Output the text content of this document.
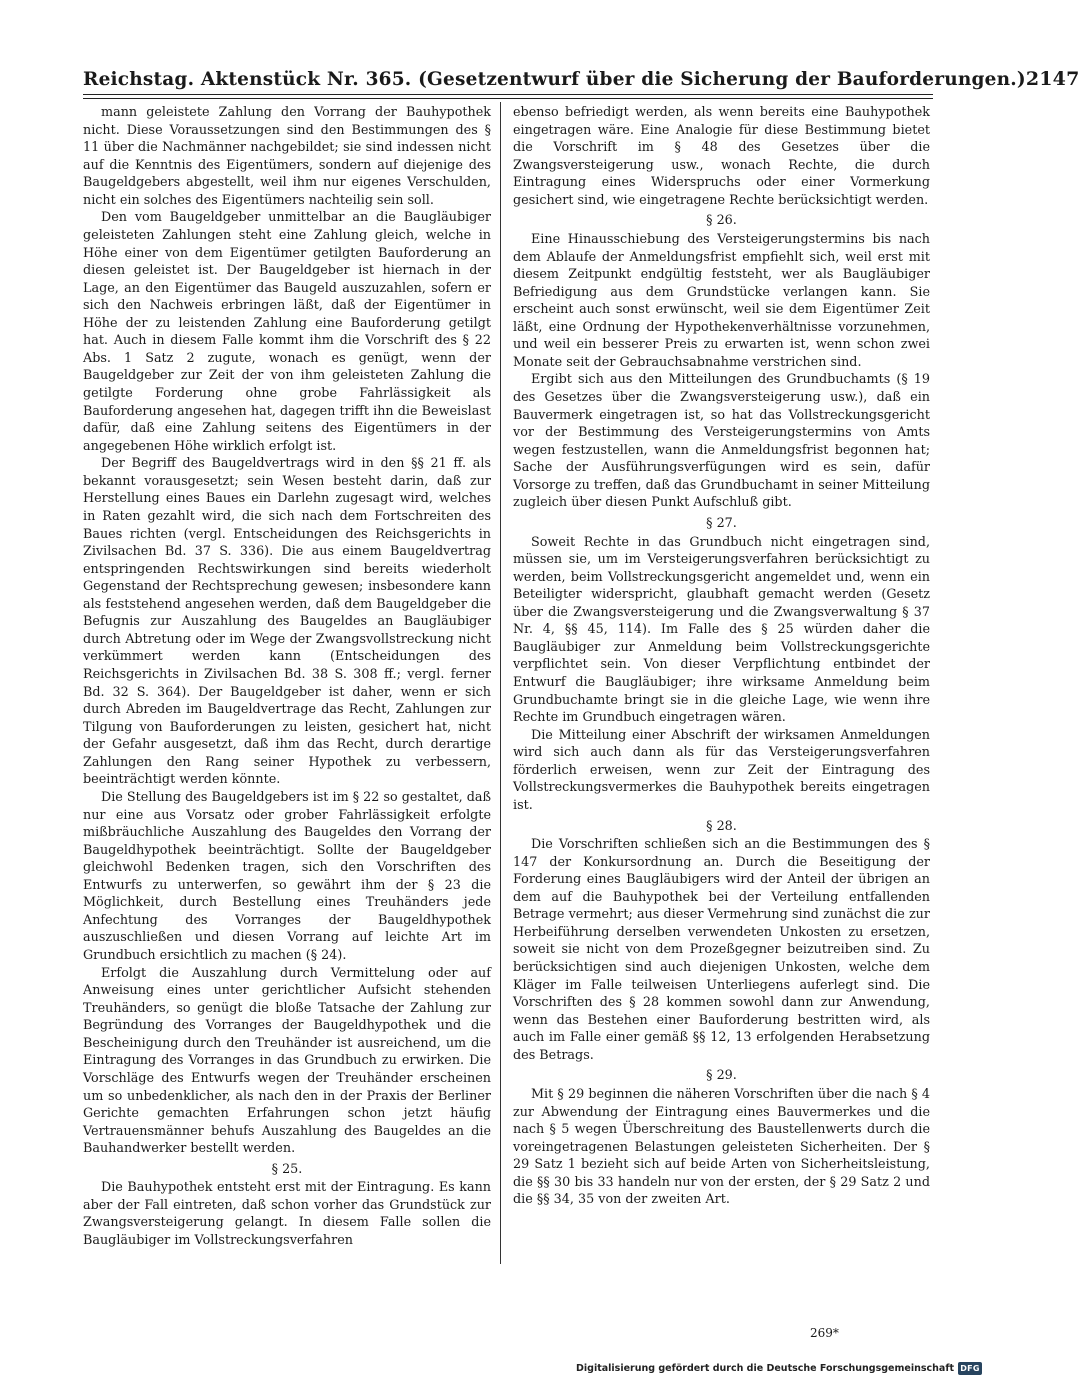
Reichstag. Aktenstück Nr. 365. (Gesetzentwurf über die Sicherung der Bauforderungen.) 2147

mann geleistete Zahlung den Vorrang der Bauhypothek nicht. Diese Voraussetzungen sind den Bestimmungen des § 11 über die Nachmänner nachgebildet; sie sind indessen nicht auf die Kenntnis des Eigentümers, sondern auf diejenige des Baugeldgebers abgestellt, weil ihm nur eigenes Verschulden, nicht ein solches des Eigentümers nachteilig sein soll.

Den vom Baugeldgeber unmittelbar an die Baugläubiger geleisteten Zahlungen steht eine Zahlung gleich, welche in Höhe einer von dem Eigentümer getilgten Bauforderung an diesen geleistet ist. Der Baugeldgeber ist hiernach in der Lage, an den Eigentümer das Baugeld auszuzahlen, sofern er sich den Nachweis erbringen läßt, daß der Eigentümer in Höhe der zu leistenden Zahlung eine Bauforderung getilgt hat. Auch in diesem Falle kommt ihm die Vorschrift des § 22 Abs. 1 Satz 2 zugute, wonach es genügt, wenn der Baugeldgeber zur Zeit der von ihm geleisteten Zahlung die getilgte Forderung ohne grobe Fahrlässigkeit als Bauforderung angesehen hat, dagegen trifft ihn die Beweislast dafür, daß eine Zahlung seitens des Eigentümers in der angegebenen Höhe wirklich erfolgt ist.

Der Begriff des Baugeldvertrags wird in den §§ 21 ff. als bekannt vorausgesetzt; sein Wesen besteht darin, daß zur Herstellung eines Baues ein Darlehn zugesagt wird, welches in Raten gezahlt wird, die sich nach dem Fortschreiten des Baues richten (vergl. Entscheidungen des Reichsgerichts in Zivilsachen Bd. 37 S. 336). Die aus einem Baugeldvertrag entspringenden Rechtswirkungen sind bereits wiederholt Gegenstand der Rechtsprechung gewesen; insbesondere kann als feststehend angesehen werden, daß dem Baugeldgeber die Befugnis zur Auszahlung des Baugeldes an Baugläubiger durch Abtretung oder im Wege der Zwangsvollstreckung nicht verkümmert werden kann (Entscheidungen des Reichsgerichts in Zivilsachen Bd. 38 S. 308 ff.; vergl. ferner Bd. 32 S. 364). Der Baugeldgeber ist daher, wenn er sich durch Abreden im Baugeldvertrage das Recht, Zahlungen zur Tilgung von Bauforderungen zu leisten, gesichert hat, nicht der Gefahr ausgesetzt, daß ihm das Recht, durch derartige Zahlungen den Rang seiner Hypothek zu verbessern, beeinträchtigt werden könnte.

Die Stellung des Baugeldgebers ist im § 22 so gestaltet, daß nur eine aus Vorsatz oder grober Fahrlässigkeit erfolgte mißbräuchliche Auszahlung des Baugeldes den Vorrang der Baugeldhypothek beeinträchtigt. Sollte der Baugeldgeber gleichwohl Bedenken tragen, sich den Vorschriften des Entwurfs zu unterwerfen, so gewährt ihm der § 23 die Möglichkeit, durch Bestellung eines Treuhänders jede Anfechtung des Vorranges der Baugeldhypothek auszuschließen und diesen Vorrang auf leichte Art im Grundbuch ersichtlich zu machen (§ 24).

Erfolgt die Auszahlung durch Vermittelung oder auf Anweisung eines unter gerichtlicher Aufsicht stehenden Treuhänders, so genügt die bloße Tatsache der Zahlung zur Begründung des Vorranges der Baugeldhypothek und die Bescheinigung durch den Treuhänder ist ausreichend, um die Eintragung des Vorranges in das Grundbuch zu erwirken. Die Vorschläge des Entwurfs wegen der Treuhänder erscheinen um so unbedenklicher, als nach den in der Praxis der Berliner Gerichte gemachten Erfahrungen schon jetzt häufig Vertrauensmänner behufs Auszahlung des Baugeldes an die Bauhandwerker bestellt werden.

§ 25.

Die Bauhypothek entsteht erst mit der Eintragung. Es kann aber der Fall eintreten, daß schon vorher das Grundstück zur Zwangsversteigerung gelangt. In diesem Falle sollen die Baugläubiger im Vollstreckungsverfahren

ebenso befriedigt werden, als wenn bereits eine Bauhypothek eingetragen wäre. Eine Analogie für diese Bestimmung bietet die Vorschrift im § 48 des Gesetzes über die Zwangsversteigerung usw., wonach Rechte, die durch Eintragung eines Widerspruchs oder einer Vormerkung gesichert sind, wie eingetragene Rechte berücksichtigt werden.

§ 26.

Eine Hinausschiebung des Versteigerungstermins bis nach dem Ablaufe der Anmeldungsfrist empfiehlt sich, weil erst mit diesem Zeitpunkt endgültig feststeht, wer als Baugläubiger Befriedigung aus dem Grundstücke verlangen kann. Sie erscheint auch sonst erwünscht, weil sie dem Eigentümer Zeit läßt, eine Ordnung der Hypothekenverhältnisse vorzunehmen, und weil ein besserer Preis zu erwarten ist, wenn schon zwei Monate seit der Gebrauchsabnahme verstrichen sind.

Ergibt sich aus den Mitteilungen des Grundbuchamts (§ 19 des Gesetzes über die Zwangsversteigerung usw.), daß ein Bauvermerk eingetragen ist, so hat das Vollstreckungsgericht vor der Bestimmung des Versteigerungstermins von Amts wegen festzustellen, wann die Anmeldungsfrist begonnen hat; Sache der Ausführungsverfügungen wird es sein, dafür Vorsorge zu treffen, daß das Grundbuchamt in seiner Mitteilung zugleich über diesen Punkt Aufschluß gibt.

§ 27.

Soweit Rechte in das Grundbuch nicht eingetragen sind, müssen sie, um im Versteigerungsverfahren berücksichtigt zu werden, beim Vollstreckungsgericht angemeldet und, wenn ein Beteiligter widerspricht, glaubhaft gemacht werden (Gesetz über die Zwangsversteigerung und die Zwangsverwaltung § 37 Nr. 4, §§ 45, 114). Im Falle des § 25 würden daher die Baugläubiger zur Anmeldung beim Vollstreckungsgerichte verpflichtet sein. Von dieser Verpflichtung entbindet der Entwurf die Baugläubiger; ihre wirksame Anmeldung beim Grundbuchamte bringt sie in die gleiche Lage, wie wenn ihre Rechte im Grundbuch eingetragen wären.

Die Mitteilung einer Abschrift der wirksamen Anmeldungen wird sich auch dann als für das Versteigerungsverfahren förderlich erweisen, wenn zur Zeit der Eintragung des Vollstreckungsvermerkes die Bauhypothek bereits eingetragen ist.

§ 28.

Die Vorschriften schließen sich an die Bestimmungen des § 147 der Konkursordnung an. Durch die Beseitigung der Forderung eines Baugläubigers wird der Anteil der übrigen an dem auf die Bauhypothek bei der Verteilung entfallenden Betrage vermehrt; aus dieser Vermehrung sind zunächst die zur Herbeiführung derselben verwendeten Unkosten zu ersetzen, soweit sie nicht von dem Prozeßgegner beizutreiben sind. Zu berücksichtigen sind auch diejenigen Unkosten, welche dem Kläger im Falle teilweisen Unterliegens auferlegt sind. Die Vorschriften des § 28 kommen sowohl dann zur Anwendung, wenn das Bestehen einer Bauforderung bestritten wird, als auch im Falle einer gemäß §§ 12, 13 erfolgenden Herabsetzung des Betrags.

§ 29.

Mit § 29 beginnen die näheren Vorschriften über die nach § 4 zur Abwendung der Eintragung eines Bauvermerkes und die nach § 5 wegen Überschreitung des Baustellenwerts durch die voreingetragenen Belastungen geleisteten Sicherheiten. Der § 29 Satz 1 bezieht sich auf beide Arten von Sicherheitsleistung, die §§ 30 bis 33 handeln nur von der ersten, der § 29 Satz 2 und die §§ 34, 35 von der zweiten Art.

269*
Digitalisierung gefördert durch die Deutsche Forschungsgemeinschaft DFG
